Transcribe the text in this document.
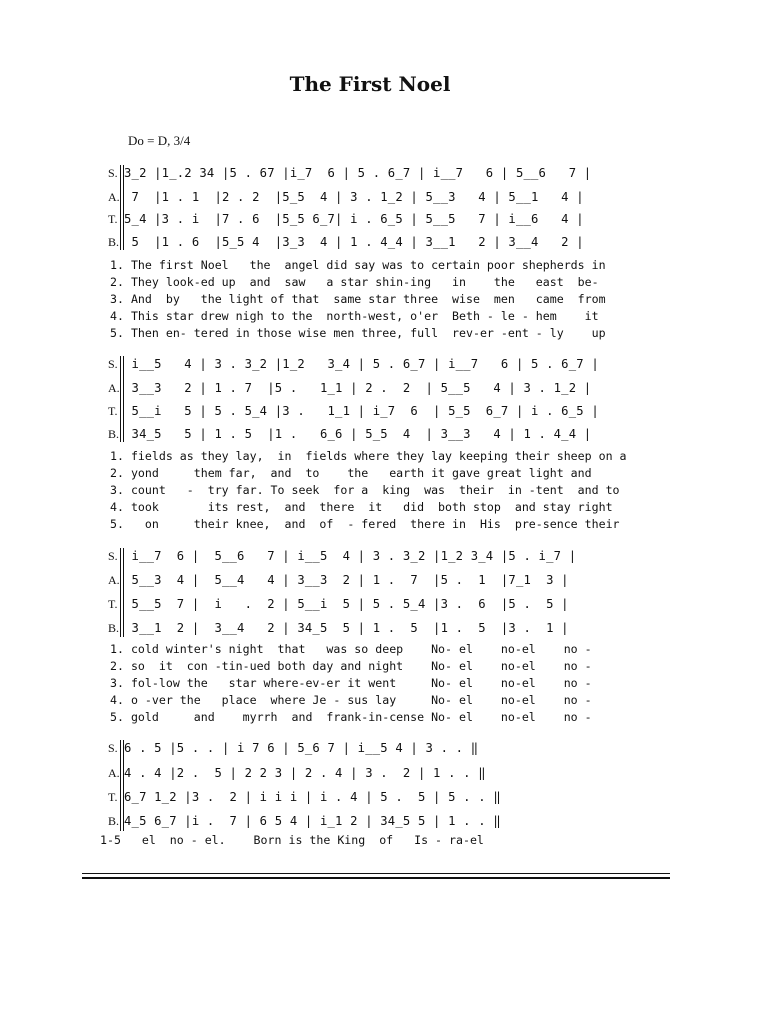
The First Noel
Do = D, 3/4
S. 3_2 |1_.2 34 |5 . 67 |i_7  6 | 5 . 6_7 | i__7   6 | 5__6   7 |
A. 7  |1 . 1  |2 . 2  |5_5  4 | 3 . 1_2 | 5__3   4 | 5__1   4 |
T. 5_4 |3 . i  |7 . 6  |5_5 6_7| i . 6_5 | 5__5   7 | i__6   4 |
B. 5  |1 . 6  |5_5 4  |3_3  4 | 1 . 4_4 | 3__1   2 | 3__4   2 |
1. The first Noel   the  angel did say was to certain poor shepherds in
2. They look-ed up  and  saw   a star shin-ing   in    the   east  be-
3. And  by   the light of that  same star three  wise  men   came  from
4. This star drew nigh to the  north-west, o'er  Beth - le - hem    it
5. Then en- tered in those wise men three, full  rev-er -ent - ly    up
S. i__5   4 | 3 . 3_2 |1_2   3_4 | 5 . 6_7 | i__7   6 | 5 . 6_7 |
A. 3__3   2 | 1 . 7  |5 .   1_1 | 2 .  2  | 5__5   4 | 3 . 1_2 |
T. 5__i   5 | 5 . 5_4 |3 .   1_1 | i_7  6  | 5_5  6_7 | i . 6_5 |
B. 34_5   5 | 1 . 5  |1 .   6_6 | 5_5  4  | 3__3   4 | 1 . 4_4 |
1. fields as they lay,  in  fields where they lay keeping their sheep on a
2. yond     them far,  and  to    the   earth it gave great light and
3. count   -  try far. To seek  for a  king  was  their  in -tent  and to
4. took       its rest,  and  there  it   did  both stop  and stay right
5.   on     their knee,  and  of  - fered  there in  His  pre-sence their
S. i__7  6 |  5__6   7 | i__5  4 | 3 . 3_2 |1_2 3_4 |5 . i_7 |
A. 5__3  4 |  5__4   4 | 3__3  2 | 1 .  7  |5 .  1  |7_1  3 |
T. 5__5  7 |  i   .  2 | 5__i  5 | 5 . 5_4 |3 .  6  |5 .  5 |
B. 3__1  2 |  3__4   2 | 34_5  5 | 1 .  5  |1 .  5  |3 .  1 |
1. cold winter's night  that   was so deep    No- el    no-el    no -
2. so  it  con -tin-ued both day and night    No- el    no-el    no -
3. fol-low the   star where-ev-er it went     No- el    no-el    no -
4. o -ver the   place  where Je - sus lay     No- el    no-el    no -
5. gold     and    myrrh  and  frank-in-cense No- el    no-el    no -
S. 6 . 5 |5 . . | i 7 6 | 5_6 7 | i__5 4 | 3 . . ‖
A. 4 . 4 |2 .  5 | 2 2 3 | 2 . 4 | 3 .  2 | 1 . . ‖
T. 6_7 1_2 |3 .  2 | i i i | i . 4 | 5 .  5 | 5 . . ‖
B. 4_5 6_7 |i .  7 | 6 5 4 | i_1 2 | 34_5 5 | 1 . . ‖
1-5   el  no - el.    Born is the King  of   Is - ra-el
